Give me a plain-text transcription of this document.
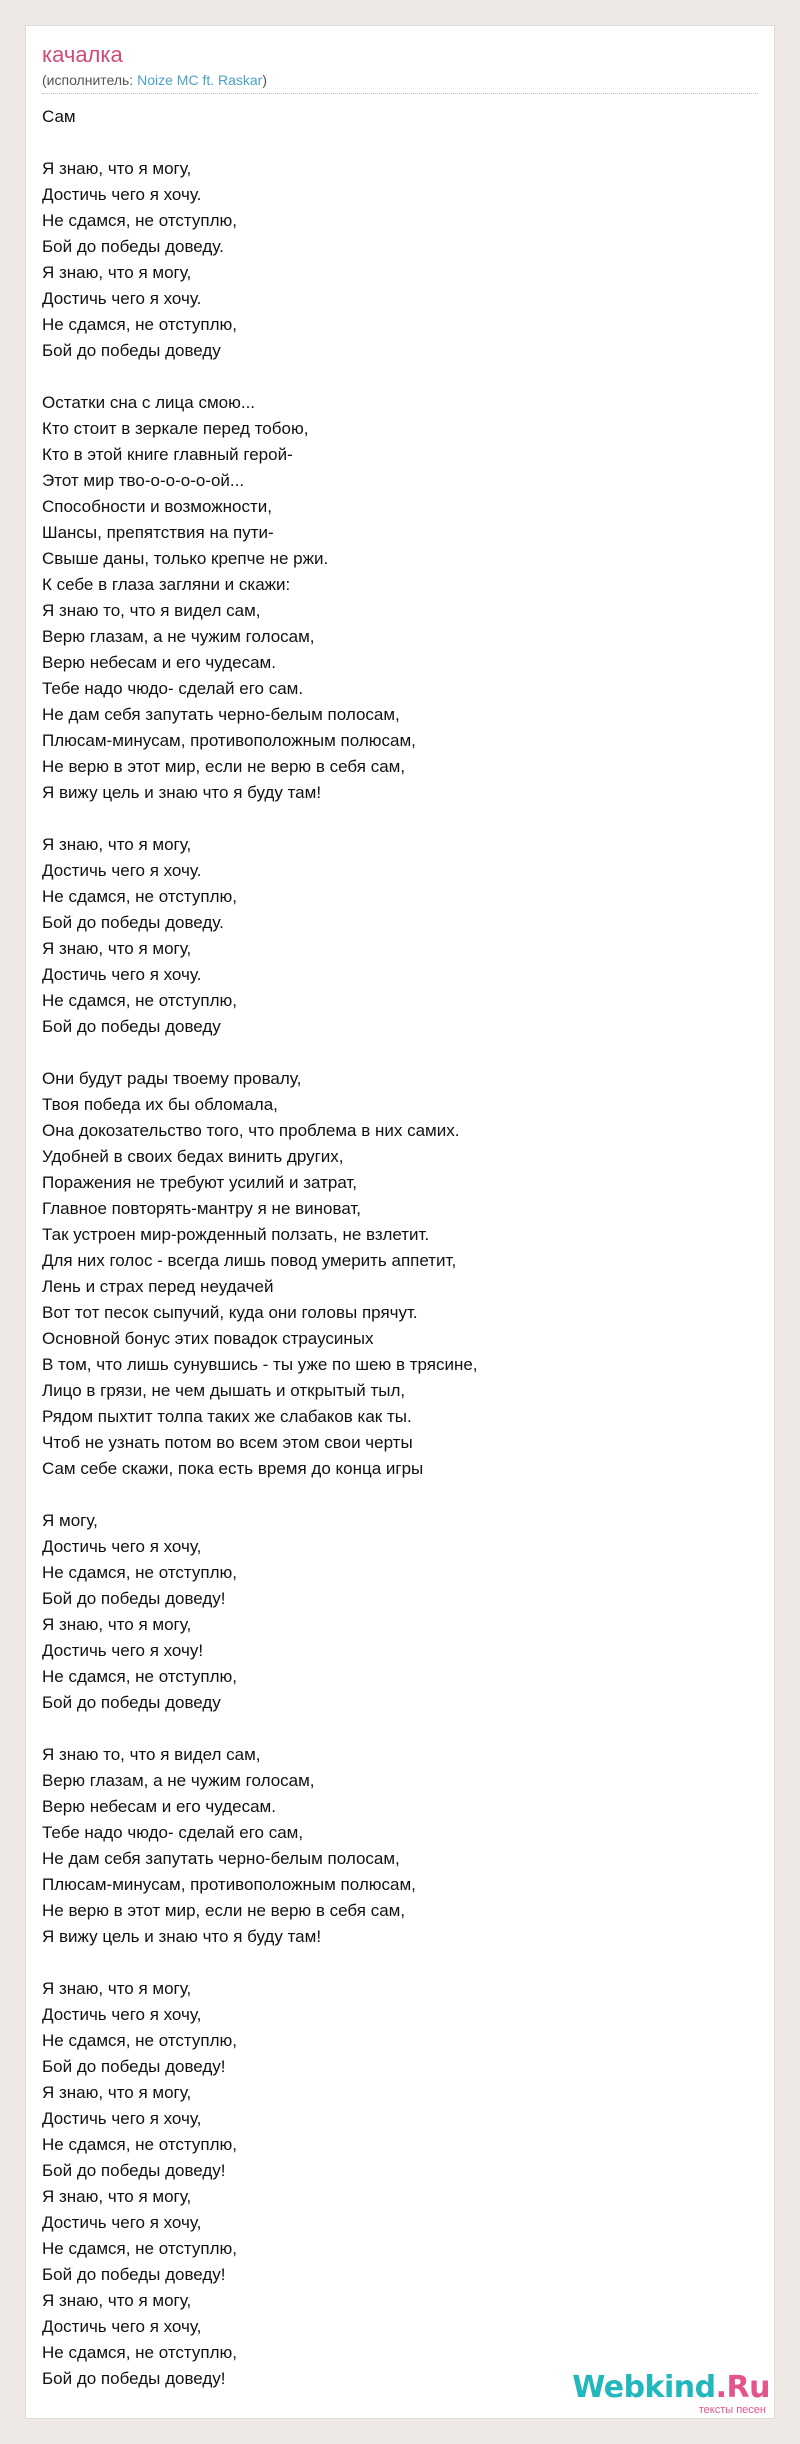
качалка
(исполнитель: Noize MC ft. Raskar)
Сам
Я знаю, что я могу,
Достичь чего я хочу.
Не сдамся, не отступлю,
Бой до победы доведу.
Я знаю, что я могу,
Достичь чего я хочу.
Не сдамся, не отступлю,
Бой до победы доведу
Остатки сна с лица смою...
Кто стоит в зеркале перед тобою,
Кто в этой книге главный герой-
Этот мир тво-о-о-о-о-ой...
Способности и возможности,
Шансы, препятствия на пути-
Свыше даны, только крепче не ржи.
К себе в глаза загляни и скажи:
Я знаю то, что я видел сам,
Верю глазам, а не чужим голосам,
Верю небесам и его чудесам.
Тебе надо чюдо- сделай его сам.
Не дам себя запутать черно-белым полосам,
Плюсам-минусам, противоположным полюсам,
Не верю в этот мир, если не верю в себя сам,
Я вижу цель и знаю что я буду там!
Я знаю, что я могу,
Достичь чего я хочу.
Не сдамся, не отступлю,
Бой до победы доведу.
Я знаю, что я могу,
Достичь чего я хочу.
Не сдамся, не отступлю,
Бой до победы доведу
Они будут рады твоему провалу,
Твоя победа их бы обломала,
Она докозательство того, что проблема в них самих.
Удобней в своих бедах винить других,
Поражения не требуют усилий и затрат,
Главное повторять-мантру я не виноват,
Так устроен мир-рожденный ползать, не взлетит.
Для них голос - всегда лишь повод умерить аппетит,
Лень и страх перед неудачей
Вот тот песок сыпучий, куда они головы прячут.
Основной бонус этих повадок страусиных
В том, что лишь сунувшись - ты уже по шею в трясине,
Лицо в грязи, не чем дышать и открытый тыл,
Рядом пыхтит толпа таких же слабаков как ты.
Чтоб не узнать потом во всем этом свои черты
Сам себе скажи, пока есть время до конца игры
Я могу,
Достичь чего я хочу,
Не сдамся, не отступлю,
Бой до победы доведу!
Я знаю, что я могу,
Достичь чего я хочу!
Не сдамся, не отступлю,
Бой до победы доведу
Я знаю то, что я видел сам,
Верю глазам, а не чужим голосам,
Верю небесам и его чудесам.
Тебе надо чюдо- сделай его сам,
Не дам себя запутать черно-белым полосам,
Плюсам-минусам, противоположным полюсам,
Не верю в этот мир, если не верю в себя сам,
Я вижу цель и знаю что я буду там!
Я знаю, что я могу,
Достичь чего я хочу,
Не сдамся, не отступлю,
Бой до победы доведу!
Я знаю, что я могу,
Достичь чего я хочу,
Не сдамся, не отступлю,
Бой до победы доведу!
Я знаю, что я могу,
Достичь чего я хочу,
Не сдамся, не отступлю,
Бой до победы доведу!
Я знаю, что я могу,
Достичь чего я хочу,
Не сдамся, не отступлю,
Бой до победы доведу!	Webkind.Ru
тексты песен
